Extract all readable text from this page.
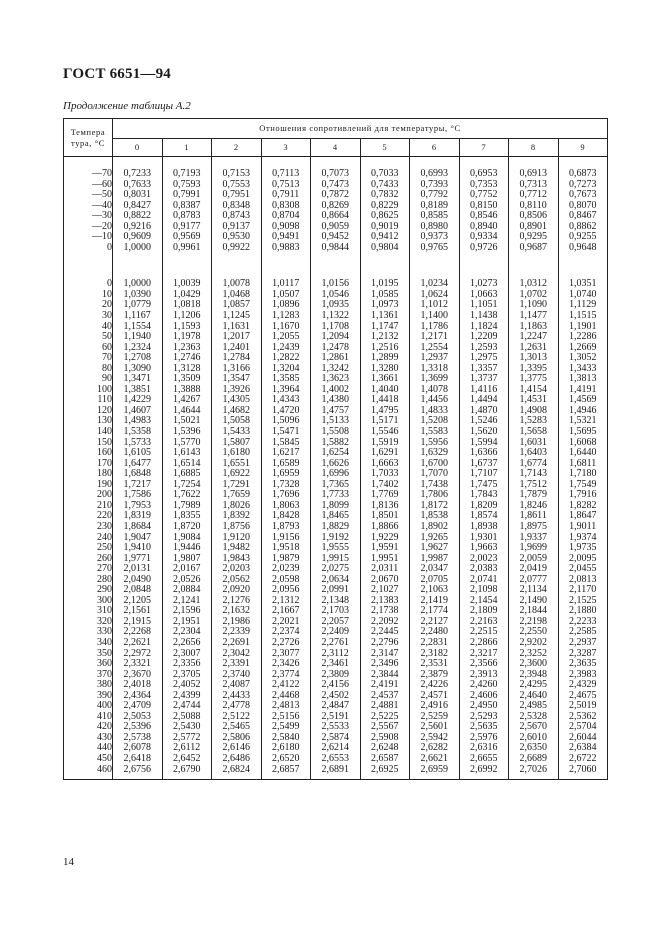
ГОСТ 6651—94
Продолжение таблицы А.2
Темпера
тура, °С	Отношения сопротивлений для температуры, °С									
	0	1	2	3	4	5	6	7	8	9
—70	0,7233	0,7193	0,7153	0,7113	0,7073	0,7033	0,6993	0,6953	0,6913	0,6873
—60	0,7633	0,7593	0,7553	0,7513	0,7473	0,7433	0,7393	0,7353	0,7313	0,7273
—50	0,8031	0,7991	0,7951	0,7911	0,7872	0,7832	0,7792	0,7752	0,7712	0,7673
—40	0,8427	0,8387	0,8348	0,8308	0,8269	0,8229	0,8189	0,8150	0,8110	0,8070
—30	0,8822	0,8783	0,8743	0,8704	0,8664	0,8625	0,8585	0,8546	0,8506	0,8467
—20	0,9216	0,9177	0,9137	0,9098	0,9059	0,9019	0,8980	0,8940	0,8901	0,8862
—10	0,9609	0,9569	0,9530	0,9491	0,9452	0,9412	0,9373	0,9334	0,9295	0,9255
0	1,0000	0,9961	0,9922	0,9883	0,9844	0,9804	0,9765	0,9726	0,9687	0,9648
0	1,0000	1,0039	1,0078	1,0117	1,0156	1,0195	1,0234	1,0273	1,0312	1,0351
10	1,0390	1,0429	1,0468	1,0507	1,0546	1,0585	1,0624	1,0663	1,0702	1,0740
20	1,0779	1,0818	1,0857	1,0896	1,0935	1,0973	1,1012	1,1051	1,1090	1,1129
30	1,1167	1,1206	1,1245	1,1283	1,1322	1,1361	1,1400	1,1438	1,1477	1,1515
40	1,1554	1,1593	1,1631	1,1670	1,1708	1,1747	1,1786	1,1824	1,1863	1,1901
50	1,1940	1,1978	1,2017	1,2055	1,2094	1,2132	1,2171	1,2209	1,2247	1,2286
60	1,2324	1,2363	1,2401	1,2439	1,2478	1,2516	1,2554	1,2593	1,2631	1,2669
70	1,2708	1,2746	1,2784	1,2822	1,2861	1,2899	1,2937	1,2975	1,3013	1,3052
80	1,3090	1,3128	1,3166	1,3204	1,3242	1,3280	1,3318	1,3357	1,3395	1,3433
90	1,3471	1,3509	1,3547	1,3585	1,3623	1,3661	1,3699	1,3737	1,3775	1,3813
100	1,3851	1,3888	1,3926	1,3964	1,4002	1,4040	1,4078	1,4116	1,4154	1,4191
110	1,4229	1,4267	1,4305	1,4343	1,4380	1,4418	1,4456	1,4494	1,4531	1,4569
120	1,4607	1,4644	1,4682	1,4720	1,4757	1,4795	1,4833	1,4870	1,4908	1,4946
130	1,4983	1,5021	1,5058	1,5096	1,5133	1,5171	1,5208	1,5246	1,5283	1,5321
140	1,5358	1,5396	1,5433	1,5471	1,5508	1,5546	1,5583	1,5620	1,5658	1,5695
150	1,5733	1,5770	1,5807	1,5845	1,5882	1,5919	1,5956	1,5994	1,6031	1,6068
160	1,6105	1,6143	1,6180	1,6217	1,6254	1,6291	1,6329	1,6366	1,6403	1,6440
170	1,6477	1,6514	1,6551	1,6589	1,6626	1,6663	1,6700	1,6737	1,6774	1,6811
180	1,6848	1,6885	1,6922	1,6959	1,6996	1,7033	1,7070	1,7107	1,7143	1,7180
190	1,7217	1,7254	1,7291	1,7328	1,7365	1,7402	1,7438	1,7475	1,7512	1,7549
200	1,7586	1,7622	1,7659	1,7696	1,7733	1,7769	1,7806	1,7843	1,7879	1,7916
210	1,7953	1,7989	1,8026	1,8063	1,8099	1,8136	1,8172	1,8209	1,8246	1,8282
220	1,8319	1,8355	1,8392	1,8428	1,8465	1,8501	1,8538	1,8574	1,8611	1,8647
230	1,8684	1,8720	1,8756	1,8793	1,8829	1,8866	1,8902	1,8938	1,8975	1,9011
240	1,9047	1,9084	1,9120	1,9156	1,9192	1,9229	1,9265	1,9301	1,9337	1,9374
250	1,9410	1,9446	1,9482	1,9518	1,9555	1,9591	1,9627	1,9663	1,9699	1,9735
260	1,9771	1,9807	1,9843	1,9879	1,9915	1,9951	1,9987	2,0023	2,0059	2,0095
270	2,0131	2,0167	2,0203	2,0239	2,0275	2,0311	2,0347	2,0383	2,0419	2,0455
280	2,0490	2,0526	2,0562	2,0598	2,0634	2,0670	2,0705	2,0741	2,0777	2,0813
290	2,0848	2,0884	2,0920	2,0956	2,0991	2,1027	2,1063	2,1098	2,1134	2,1170
300	2,1205	2,1241	2,1276	2,1312	2,1348	2,1383	2,1419	2,1454	2,1490	2,1525
310	2,1561	2,1596	2,1632	2,1667	2,1703	2,1738	2,1774	2,1809	2,1844	2,1880
320	2,1915	2,1951	2,1986	2,2021	2,2057	2,2092	2,2127	2,2163	2,2198	2,2233
330	2,2268	2,2304	2,2339	2,2374	2,2409	2,2445	2,2480	2,2515	2,2550	2,2585
340	2,2621	2,2656	2,2691	2,2726	2,2761	2,2796	2,2831	2,2866	2,9202	2,2937
350	2,2972	2,3007	2,3042	2,3077	2,3112	2,3147	2,3182	2,3217	2,3252	2,3287
360	2,3321	2,3356	2,3391	2,3426	2,3461	2,3496	2,3531	2,3566	2,3600	2,3635
370	2,3670	2,3705	2,3740	2,3774	2,3809	2,3844	2,3879	2,3913	2,3948	2,3983
380	2,4018	2,4052	2,4087	2,4122	2,4156	2,4191	2,4226	2,4260	2,4295	2,4329
390	2,4364	2,4399	2,4433	2,4468	2,4502	2,4537	2,4571	2,4606	2,4640	2,4675
400	2,4709	2,4744	2,4778	2,4813	2,4847	2,4881	2,4916	2,4950	2,4985	2,5019
410	2,5053	2,5088	2,5122	2,5156	2,5191	2,5225	2,5259	2,5293	2,5328	2,5362
420	2,5396	2,5430	2,5465	2,5499	2,5533	2,5567	2,5601	2,5635	2,5670	2,5704
430	2,5738	2,5772	2,5806	2,5840	2,5874	2,5908	2,5942	2,5976	2,6010	2,6044
440	2,6078	2,6112	2,6146	2,6180	2,6214	2,6248	2,6282	2,6316	2,6350	2,6384
450	2,6418	2,6452	2,6486	2,6520	2,6553	2,6587	2,6621	2,6655	2,6689	2,6722
460	2,6756	2,6790	2,6824	2,6857	2,6891	2,6925	2,6959	2,6992	2,7026	2,7060
14
